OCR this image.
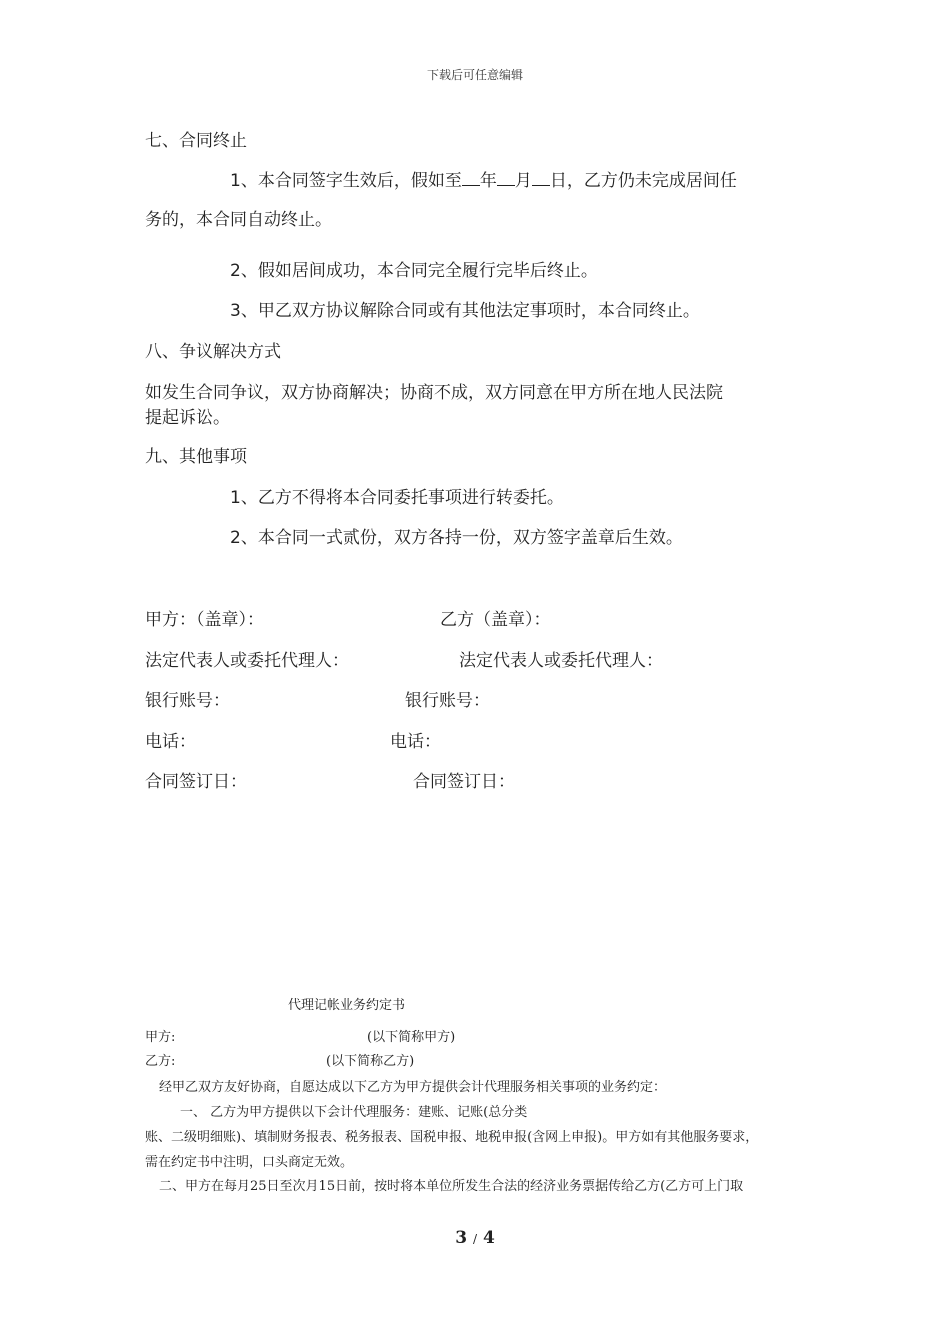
下载后可任意编辑
七、合同终止
1、本合同签字生效后，假如至 年 月 日，乙方仍未完成居间任
务的，本合同自动终止。
2、假如居间成功，本合同完全履行完毕后终止。
3、甲乙双方协议解除合同或有其他法定事项时，本合同终止。
八、争议解决方式
如发生合同争议，双方协商解决；协商不成，双方同意在甲方所在地人民法院
提起诉讼。
九、其他事项
1、乙方不得将本合同委托事项进行转委托。
2、本合同一式贰份，双方各持一份，双方签字盖章后生效。
甲方：（盖章）：	乙方（盖章）：
法定代表人或委托代理人：	法定代表人或委托代理人：
银行账号：	银行账号：
电话：	电话：
合同签订日：	合同签订日：
代理记帐业务约定书
甲方:	(以下简称甲方)
乙方:	(以下简称乙方)
经甲乙双方友好协商，自愿达成以下乙方为甲方提供会计代理服务相关事项的业务约定：
一、 乙方为甲方提供以下会计代理服务：建账、记账(总分类
账、二级明细账)、填制财务报表、税务报表、国税申报、地税申报(含网上申报)。甲方如有其他服务要求，
需在约定书中注明，口头商定无效。
二、甲方在每月25日至次月15日前，按时将本单位所发生合法的经济业务票据传给乙方(乙方可上门取
3 / 4
